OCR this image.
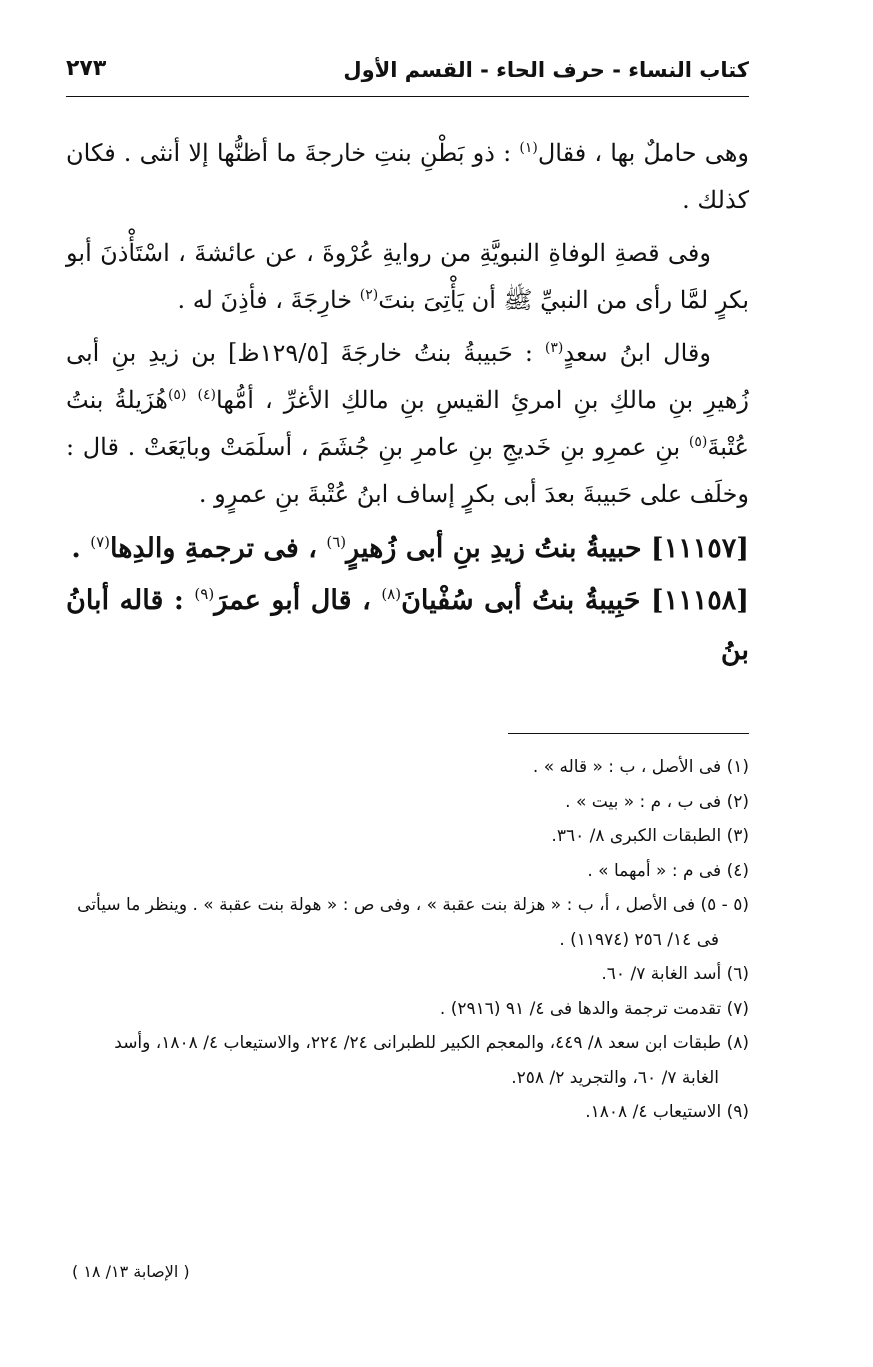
كتاب النساء - حرف الحاء - القسم الأول
٢٧٣

وهى حاملٌ بها ، فقال$^{(١)}$ : ذو بَطْنِ بنتِ خارجةَ ما أظنُّها إلا أنثى . فكان كذلك .

وفى قصةِ الوفاةِ النبويَّةِ من روايةِ عُرْوةَ ، عن عائشةَ ، اسْتَأْذنَ أبو بكرٍ لمَّا رأى من النبيِّ ﷺ أن يَأْتِىَ بنتَ$^{(٢)}$ خارِجَةَ ، فأذِنَ له .

وقال ابنُ سعدٍ$^{(٣)}$ : حَبيبةُ بنتُ خارجَةَ [١٢٩/٥ظ] بن زيدِ بنِ أبى زُهيرِ بنِ مالكِ بنِ امرئِ القيسِ بنِ مالكِ الأغرِّ ، أمُّها$^{(٤)}$ $^{(٥)}$هُزَيلةُ بنتُ عُتْبةَ$^{(٥)}$ بنِ عمرِو بنِ خَديجِ بنِ عامرِ بنِ جُشَمَ ، أسلَمَتْ وبايَعَتْ . قال : وخلَف على حَبيبةَ بعدَ أبى بكرٍ إساف ابنُ عُتْبةَ بنِ عمرٍو .

[١١١٥٧] حبيبةُ بنتُ زيدِ بنِ أبى زُهيرٍ$^{(٦)}$ ، فى ترجمةِ والدِها$^{(٧)}$ .

[١١١٥٨] حَبِيبةُ بنتُ أبى سُفْيانَ$^{(٨)}$ ، قال أبو عمرَ$^{(٩)}$ : قاله أبانُ بنُ

(١) فى الأصل ، ب : « قاله » .

(٢) فى ب ، م : « بيت » .

(٣) الطبقات الكبرى ٨/ ٣٦٠.

(٤) فى م : « أمهما » .

(٥ - ٥) فى الأصل ، أ، ب : « هزلة بنت عقبة » ، وفى ص : « هولة بنت عقبة » . وينظر ما سيأتى

فى ١٤/ ٢٥٦ (١١٩٧٤) .

(٦) أسد الغابة ٧/ ٦٠.

(٧) تقدمت ترجمة والدها فى ٤/ ٩١ (٢٩١٦) .

(٨) طبقات ابن سعد ٨/ ٤٤٩، والمعجم الكبير للطبرانى ٢٤/ ٢٢٤، والاستيعاب ٤/ ١٨٠٨، وأسد

الغابة ٧/ ٦٠، والتجريد ٢/ ٢٥٨.

(٩) الاستيعاب ٤/ ١٨٠٨.

( الإصابة ١٣/ ١٨ )
